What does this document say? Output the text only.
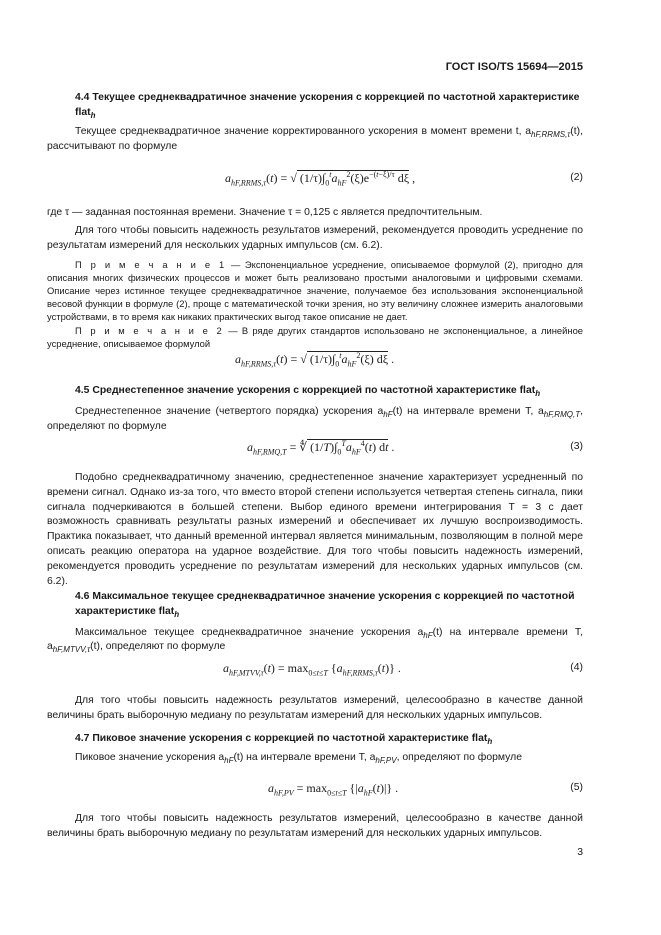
ГОСТ ISO/TS 15694—2015

4.4 Текущее среднеквадратичное значение ускорения с коррекцией по частотной характеристике flat$_h$

Текущее среднеквадратичное значение корректированного ускорения в момент времени t, $a_{hF,RRMS,\tau}(t)$, рассчитывают по формуле

$a_{hF,RRMS,\tau}(t)$ = √ $(1/\tau)\int_0^ta_{hF}^2(\xi)e^{-(t-\xi)/\tau}$ dξ ,	(2)

где τ — заданная постоянная времени. Значение τ = 0,125 с является предпочтительным.

Для того чтобы повысить надежность результатов измерений, рекомендуется проводить усреднение по результатам измерений для нескольких ударных импульсов (см. 6.2).

П р и м е ч а н и е 1 — Экспоненциальное усреднение, описываемое формулой (2), пригодно для описания многих физических процессов и может быть реализовано простыми аналоговыми и цифровыми схемами. Описание через истинное текущее среднеквадратичное значение, получаемое без использования экспоненциальной весовой функции в формуле (2), проще с математической точки зрения, но эту величину сложнее измерить аналоговыми устройствами, в то время как никаких практических выгод такое описание не дает.

П р и м е ч а н и е 2 — В ряде других стандартов использовано не экспоненциальное, а линейное усреднение, описываемое формулой

$a_{hF,RRMS,\tau}(t)$ = √ $(1/\tau)\int_0^ta_{hF}^2(\xi)$ dξ .

4.5 Среднестепенное значение ускорения с коррекцией по частотной характеристике flat$_h$

Среднестепенное значение (четвертого порядка) ускорения $a_{hF}(t)$ на интервале времени T, $a_{hF,RMQ,T}$, определяют по формуле

$a_{hF,RMQ,T}$ = ∜ $(1/T)\int_0^Ta_{hF}^4(t)$ dt .	(3)

Подобно среднеквадратичному значению, среднестепенное значение характеризует усредненный по времени сигнал. Однако из-за того, что вместо второй степени используется четвертая степень сигнала, пики сигнала подчеркиваются в большей степени. Выбор единого времени интегрирования T = 3 с дает возможность сравнивать результаты разных измерений и обеспечивает их лучшую воспроизводимость. Практика показывает, что данный временной интервал является минимальным, позволяющим в полной мере описать реакцию оператора на ударное воздействие. Для того чтобы повысить надежность измерений, рекомендуется проводить усреднение по результатам измерений для нескольких ударных импульсов (см. 6.2).

4.6 Максимальное текущее среднеквадратичное значение ускорения с коррекцией по частотной характеристике flat$_h$

Максимальное текущее среднеквадратичное значение ускорения $a_{hF}(t)$ на интервале времени T, $a_{hF,MTVV,\tau}(t)$, определяют по формуле

$a_{hF,MTVV,\tau}(t) = \max_{0\le t\le T} \{a_{hF,RRMS,\tau}(t)\}$ .	(4)

Для того чтобы повысить надежность результатов измерений, целесообразно в качестве данной величины брать выборочную медиану по результатам измерений для нескольких ударных импульсов.

4.7 Пиковое значение ускорения с коррекцией по частотной характеристике flat$_h$

Пиковое значение ускорения $a_{hF}(t)$ на интервале времени T, $a_{hF,PV}$, определяют по формуле

$a_{hF,PV} = \max_{0\le t\le T} \{|a_{hF}(t)|\}$ .	(5)

Для того чтобы повысить надежность результатов измерений, целесообразно в качестве данной величины брать выборочную медиану по результатам измерений для нескольких ударных импульсов.

3
